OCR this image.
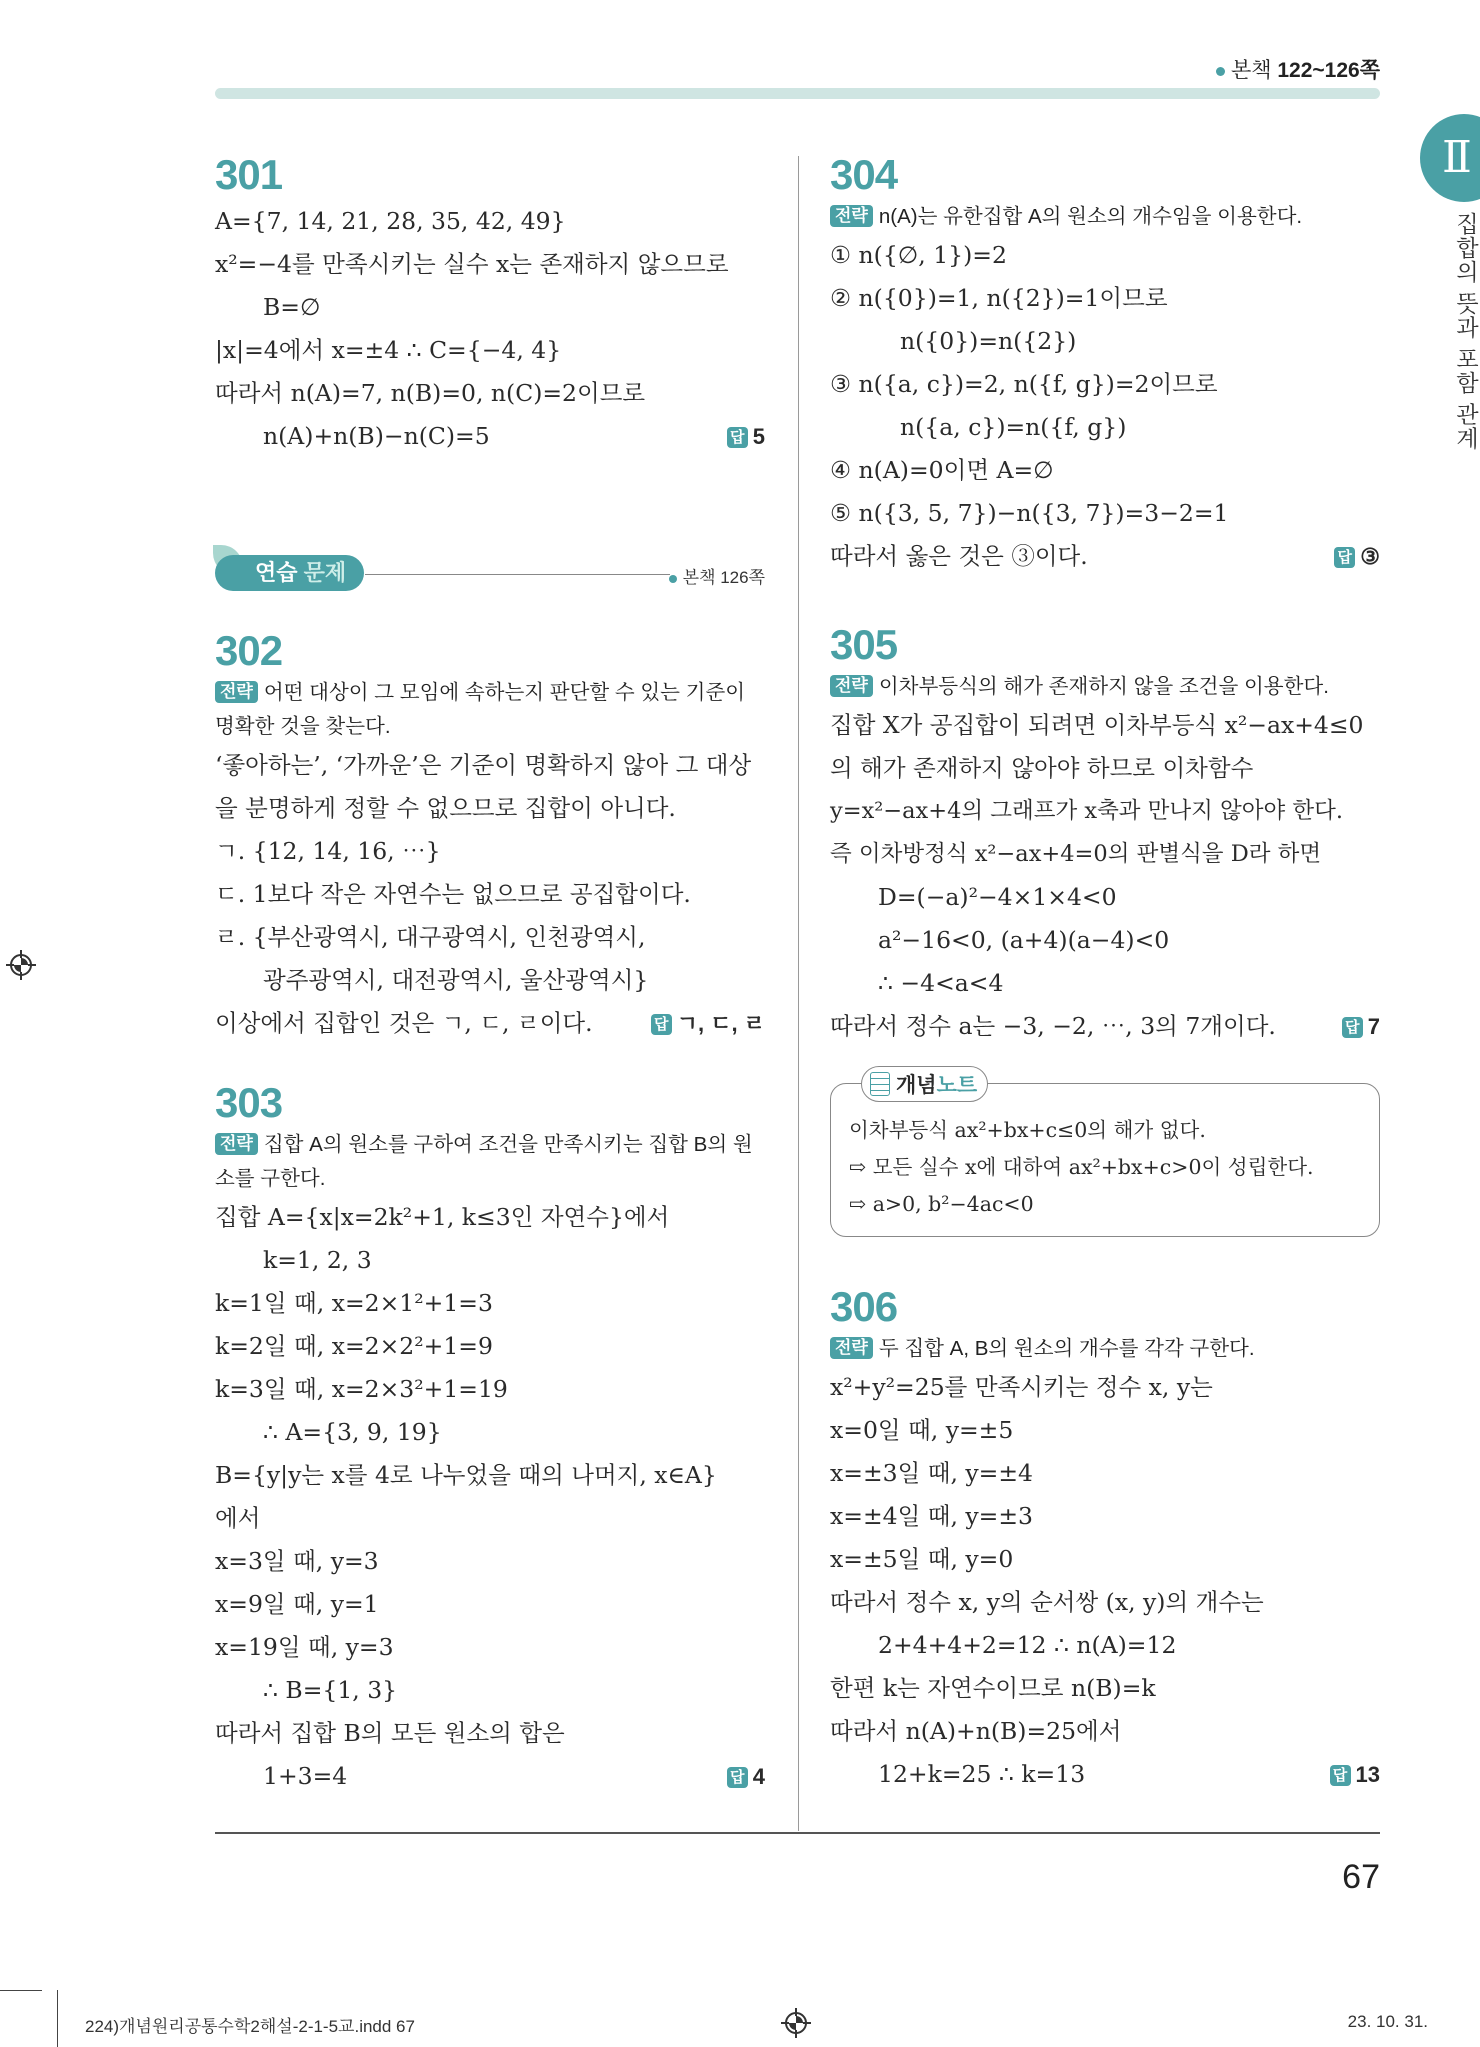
본책 122~126쪽
Ⅱ
집합의 뜻과 포함 관계
301
A={7, 14, 21, 28, 35, 42, 49}
x²=−4를 만족시키는 실수 x는 존재하지 않으므로
B=∅
|x|=4에서 x=±4 ∴ C={−4, 4}
따라서 n(A)=7, n(B)=0, n(C)=2이므로
n(A)+n(B)−n(C)=5	답 5
연습 문제	본책 126쪽
302
전략 어떤 대상이 그 모임에 속하는지 판단할 수 있는 기준이 명확한 것을 찾는다.
‘좋아하는’, ‘가까운’은 기준이 명확하지 않아 그 대상
을 분명하게 정할 수 없으므로 집합이 아니다.
ㄱ. {12, 14, 16, ⋯}
ㄷ. 1보다 작은 자연수는 없으므로 공집합이다.
ㄹ. {부산광역시, 대구광역시, 인천광역시,
광주광역시, 대전광역시, 울산광역시}
이상에서 집합인 것은 ㄱ, ㄷ, ㄹ이다.	답 ㄱ, ㄷ, ㄹ
303
전략 집합 A의 원소를 구하여 조건을 만족시키는 집합 B의 원소를 구한다.
집합 A={x|x=2k²+1, k≤3인 자연수}에서
k=1, 2, 3
k=1일 때, x=2×1²+1=3
k=2일 때, x=2×2²+1=9
k=3일 때, x=2×3²+1=19
∴ A={3, 9, 19}
B={y|y는 x를 4로 나누었을 때의 나머지, x∈A}
에서
x=3일 때, y=3
x=9일 때, y=1
x=19일 때, y=3
∴ B={1, 3}
따라서 집합 B의 모든 원소의 합은
1+3=4	답 4
304
전략 n(A)는 유한집합 A의 원소의 개수임을 이용한다.
① n({∅, 1})=2
② n({0})=1, n({2})=1이므로
n({0})=n({2})
③ n({a, c})=2, n({f, g})=2이므로
n({a, c})=n({f, g})
④ n(A)=0이면 A=∅
⑤ n({3, 5, 7})−n({3, 7})=3−2=1
따라서 옳은 것은 ③이다.	답 ③
305
전략 이차부등식의 해가 존재하지 않을 조건을 이용한다.
집합 X가 공집합이 되려면 이차부등식 x²−ax+4≤0
의 해가 존재하지 않아야 하므로 이차함수
y=x²−ax+4의 그래프가 x축과 만나지 않아야 한다.
즉 이차방정식 x²−ax+4=0의 판별식을 D라 하면
D=(−a)²−4×1×4<0
a²−16<0, (a+4)(a−4)<0
∴ −4<a<4
따라서 정수 a는 −3, −2, ⋯, 3의 7개이다.	답 7
개념노트
이차부등식 ax²+bx+c≤0의 해가 없다.
⇨ 모든 실수 x에 대하여 ax²+bx+c>0이 성립한다.
⇨ a>0, b²−4ac<0
306
전략 두 집합 A, B의 원소의 개수를 각각 구한다.
x²+y²=25를 만족시키는 정수 x, y는
x=0일 때, y=±5
x=±3일 때, y=±4
x=±4일 때, y=±3
x=±5일 때, y=0
따라서 정수 x, y의 순서쌍 (x, y)의 개수는
2+4+4+2=12 ∴ n(A)=12
한편 k는 자연수이므로 n(B)=k
따라서 n(A)+n(B)=25에서
12+k=25 ∴ k=13	답 13
67
224)개념원리공통수학2해설-2-1-5교.indd 67	23. 10. 31.
